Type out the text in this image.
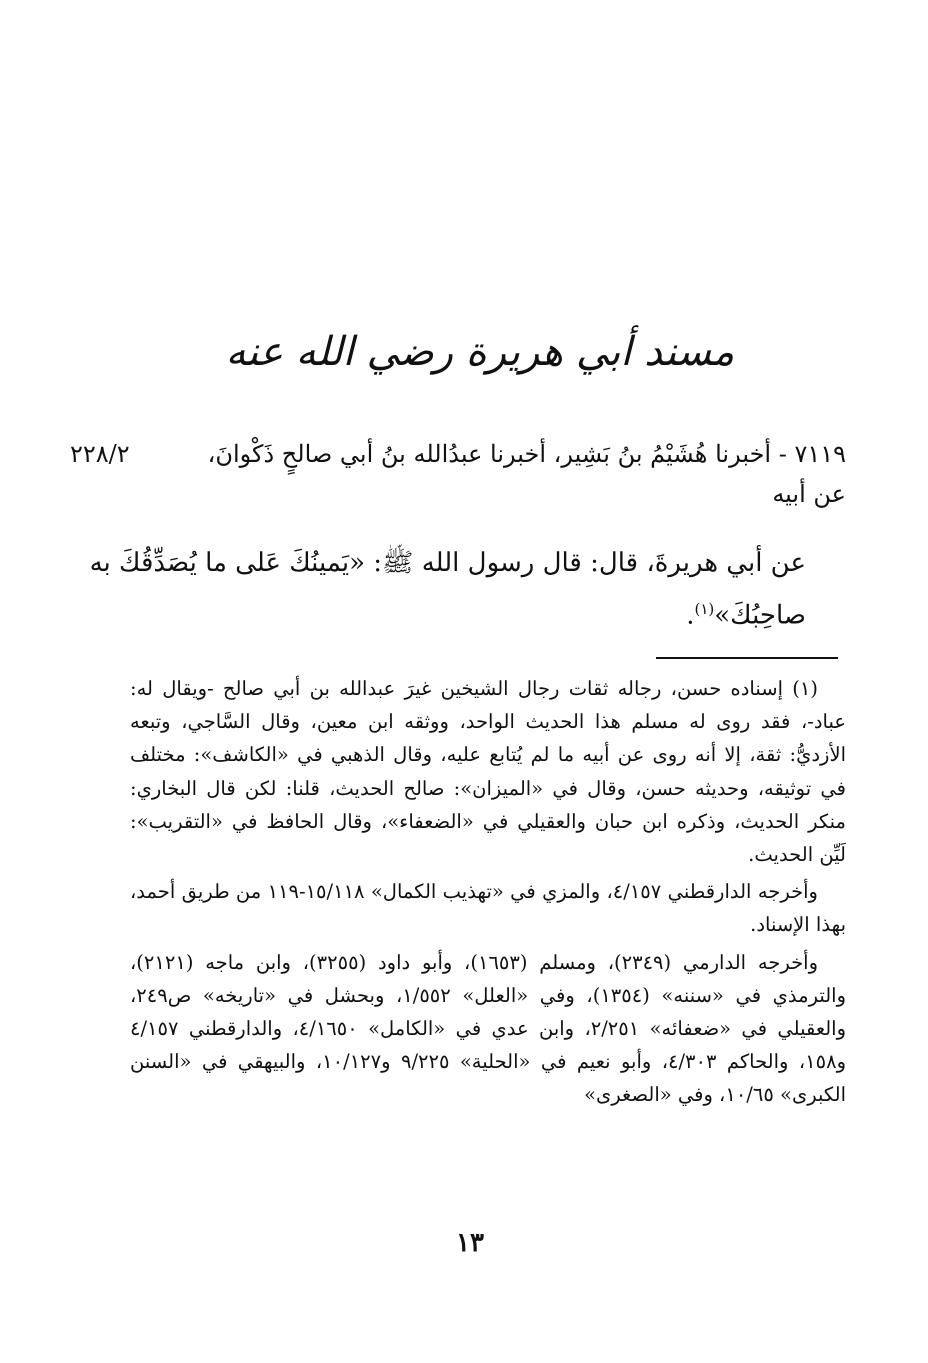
مسند أبي هريرة رضي الله عنه
٧١١٩ - أخبرنا هُشَيْمُ بنُ بَشِير، أخبرنا عبدُالله بنُ أبي صالحٍ ذَكْوانَ،
٢٢٨/٢
عن أبيه
عن أبي هريرةَ، قال: قال رسول الله ﷺ: «يَمينُكَ عَلى ما يُصَدِّقُكَ به صاحِبُكَ»$^{(١)}$.

(١) إسناده حسن، رجاله ثقات رجال الشيخين غيرَ عبدالله بن أبي صالح -ويقال له: عباد-، فقد روى له مسلم هذا الحديث الواحد، ووثقه ابن معين، وقال السَّاجي، وتبعه الأزديُّ: ثقة، إلا أنه روى عن أبيه ما لم يُتابع عليه، وقال الذهبي في «الكاشف»: مختلف في توثيقه، وحديثه حسن، وقال في «الميزان»: صالح الحديث، قلنا: لكن قال البخاري: منكر الحديث، وذكره ابن حبان والعقيلي في «الضعفاء»، وقال الحافظ في «التقريب»: لَيِّن الحديث.

وأخرجه الدارقطني ٤/١٥٧، والمزي في «تهذيب الكمال» ١٥/١١٨-١١٩ من طريق أحمد، بهذا الإسناد.

وأخرجه الدارمي (٢٣٤٩)، ومسلم (١٦٥٣)، وأبو داود (٣٢٥٥)، وابن ماجه (٢١٢١)، والترمذي في «سننه» (١٣٥٤)، وفي «العلل» ١/٥٥٢، وبحشل في «تاريخه» ص٢٤٩، والعقيلي في «ضعفائه» ٢/٢٥١، وابن عدي في «الكامل» ٤/١٦٥٠، والدارقطني ٤/١٥٧ و١٥٨، والحاكم ٤/٣٠٣، وأبو نعيم في «الحلية» ٩/٢٢٥ و١٠/١٢٧، والبيهقي في «السنن الكبرى» ١٠/٦٥، وفي «الصغرى»

١٣
